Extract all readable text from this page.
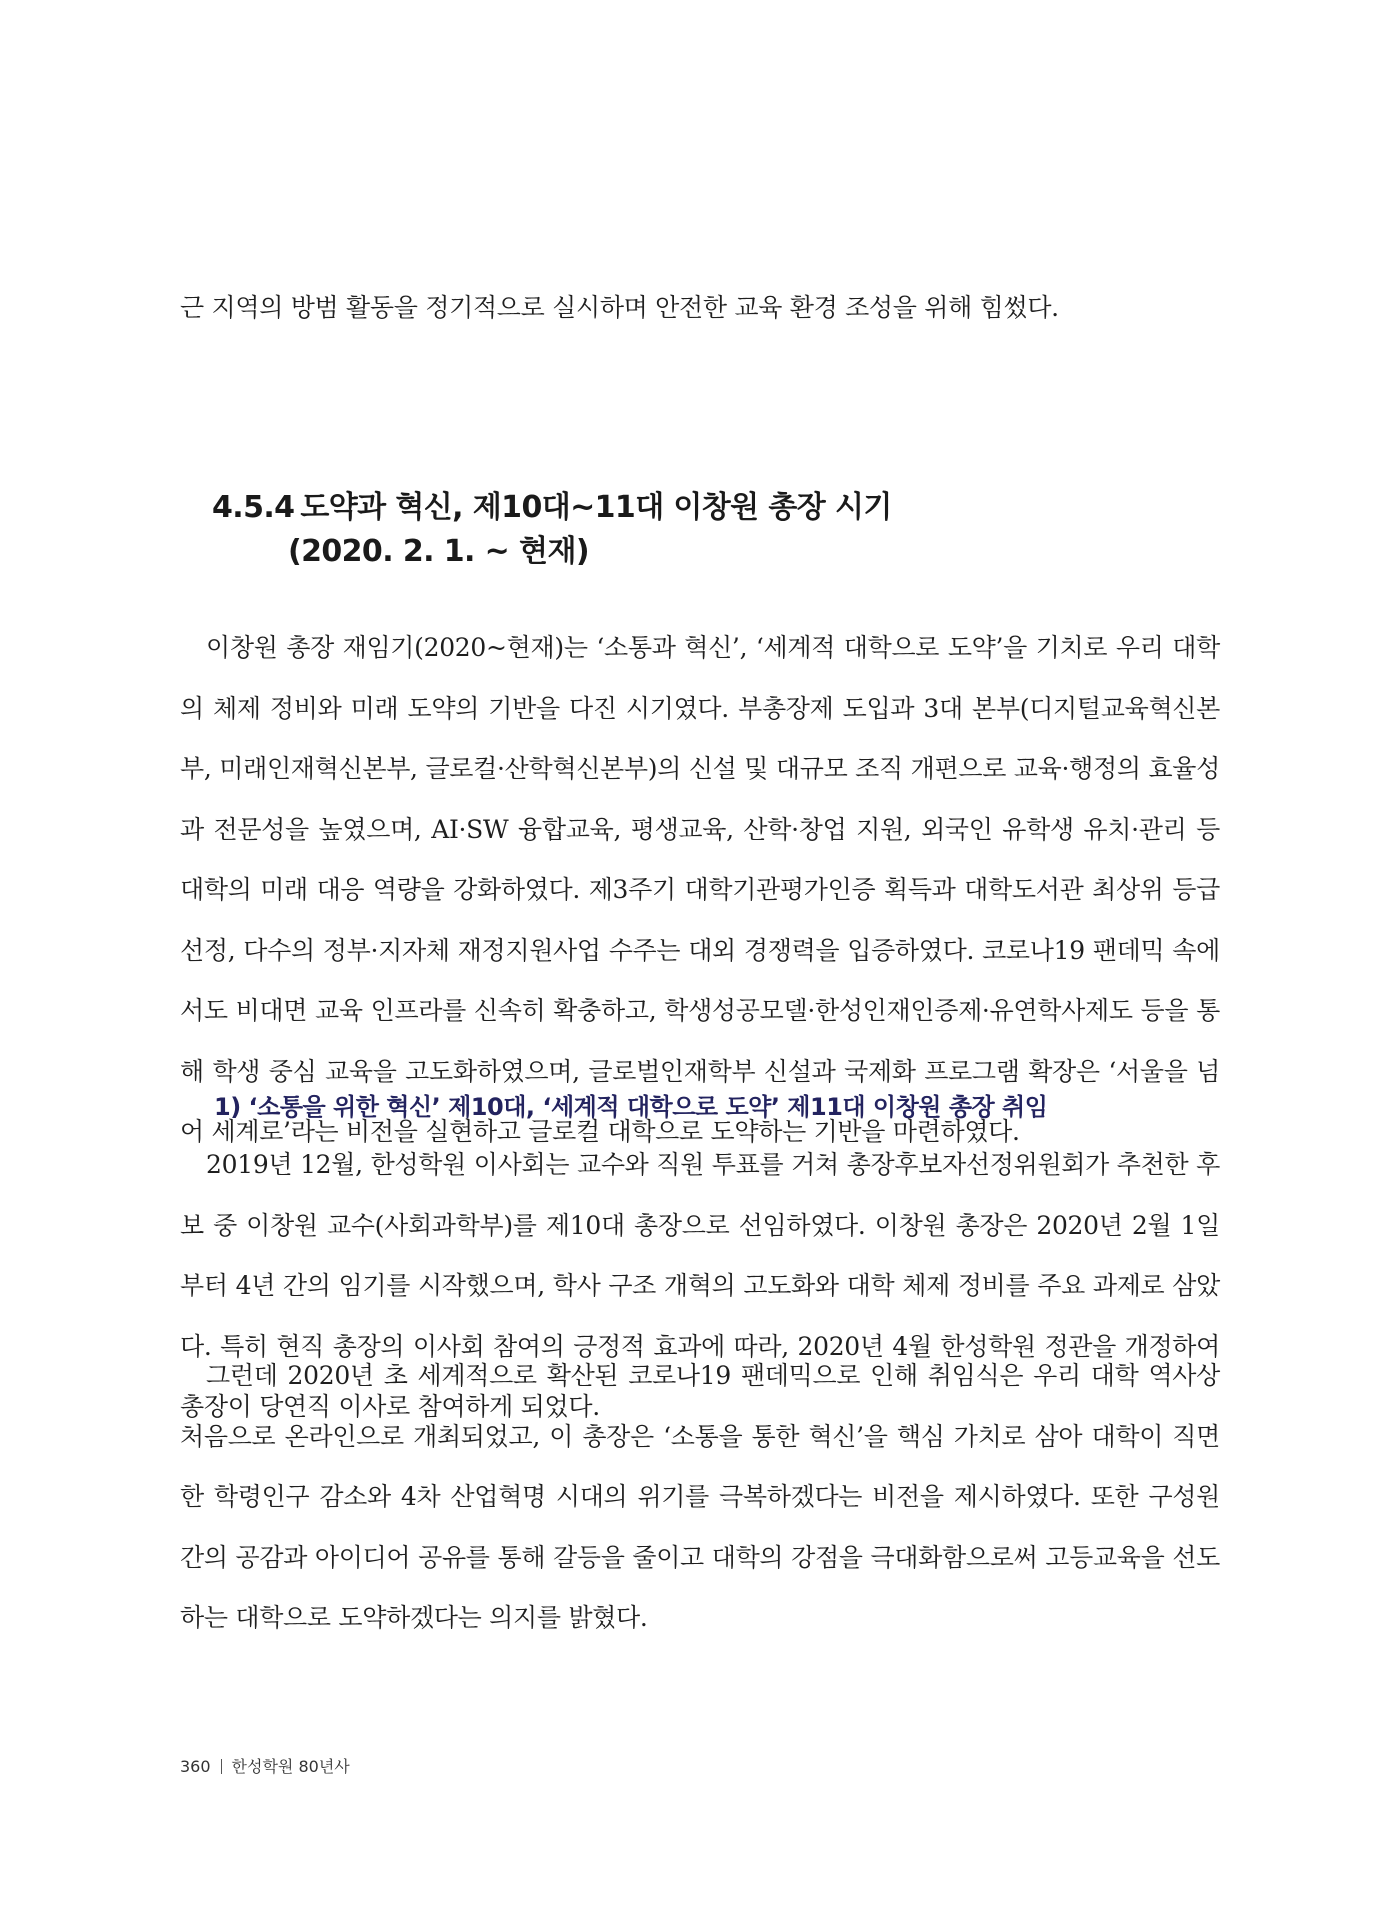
근 지역의 방범 활동을 정기적으로 실시하며 안전한 교육 환경 조성을 위해 힘썼다.

4.5.4 도약과 혁신, 제10대~11대 이창원 총장 시기
(2020. 2. 1. ~ 현재)

이창원 총장 재임기(2020~현재)는 ‘소통과 혁신’, ‘세계적 대학으로 도약’을 기치로 우리 대학의 체제 정비와 미래 도약의 기반을 다진 시기였다. 부총장제 도입과 3대 본부(디지털교육혁신본부, 미래인재혁신본부, 글로컬·산학혁신본부)의 신설 및 대규모 조직 개편으로 교육·행정의 효율성과 전문성을 높였으며, AI·SW 융합교육, 평생교육, 산학·창업 지원, 외국인 유학생 유치·관리 등 대학의 미래 대응 역량을 강화하였다. 제3주기 대학기관평가인증 획득과 대학도서관 최상위 등급 선정, 다수의 정부·지자체 재정지원사업 수주는 대외 경쟁력을 입증하였다. 코로나19 팬데믹 속에서도 비대면 교육 인프라를 신속히 확충하고, 학생성공모델·한성인재인증제·유연학사제도 등을 통해 학생 중심 교육을 고도화하였으며, 글로벌인재학부 신설과 국제화 프로그램 확장은 ‘서울을 넘어 세계로’라는 비전을 실현하고 글로컬 대학으로 도약하는 기반을 마련하였다.

1) ‘소통을 위한 혁신’ 제10대, ‘세계적 대학으로 도약’ 제11대 이창원 총장 취임

2019년 12월, 한성학원 이사회는 교수와 직원 투표를 거쳐 총장후보자선정위원회가 추천한 후보 중 이창원 교수(사회과학부)를 제10대 총장으로 선임하였다. 이창원 총장은 2020년 2월 1일부터 4년 간의 임기를 시작했으며, 학사 구조 개혁의 고도화와 대학 체제 정비를 주요 과제로 삼았다. 특히 현직 총장의 이사회 참여의 긍정적 효과에 따라, 2020년 4월 한성학원 정관을 개정하여 총장이 당연직 이사로 참여하게 되었다.

그런데 2020년 초 세계적으로 확산된 코로나19 팬데믹으로 인해 취임식은 우리 대학 역사상 처음으로 온라인으로 개최되었고, 이 총장은 ‘소통을 통한 혁신’을 핵심 가치로 삼아 대학이 직면한 학령인구 감소와 4차 산업혁명 시대의 위기를 극복하겠다는 비전을 제시하였다. 또한 구성원 간의 공감과 아이디어 공유를 통해 갈등을 줄이고 대학의 강점을 극대화함으로써 고등교육을 선도하는 대학으로 도약하겠다는 의지를 밝혔다.

360 한성학원 80년사
